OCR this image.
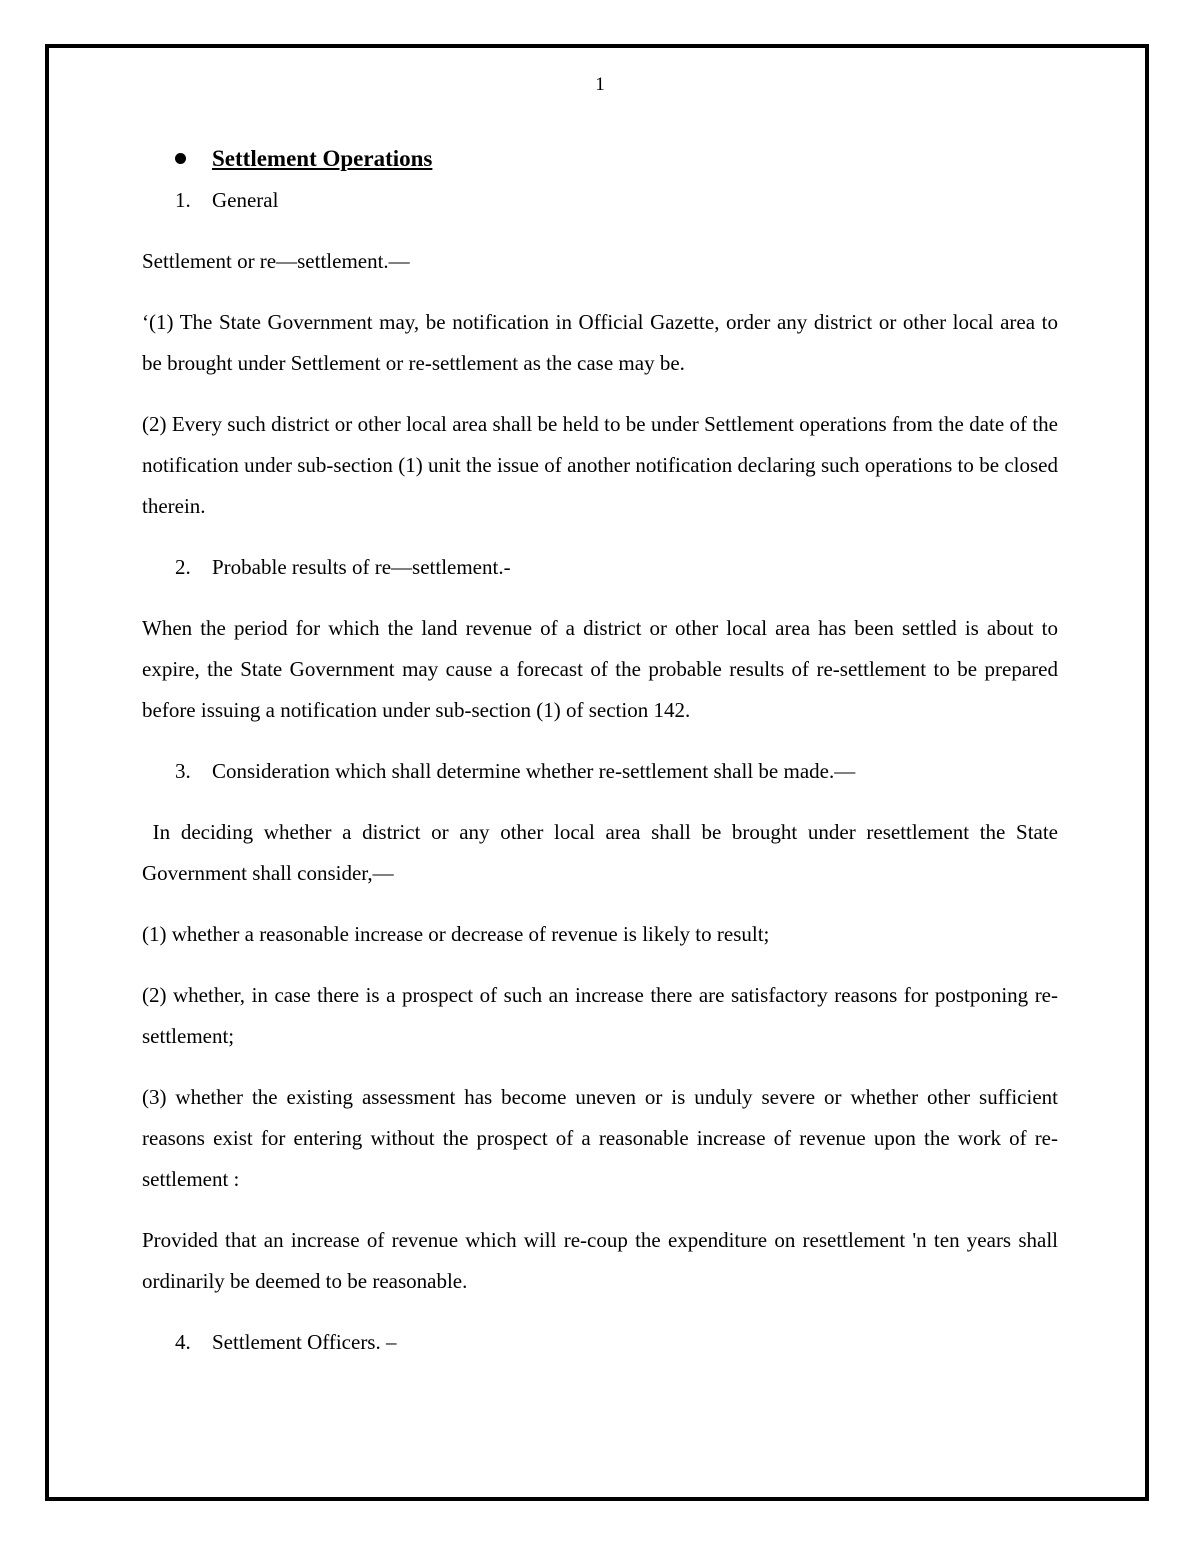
1
Settlement Operations
1. General

Settlement or re—settlement.—

‘(1) The State Government may, be notification in Official Gazette, order any district or other local area to be brought under Settlement or re-settlement as the case may be.

(2) Every such district or other local area shall be held to be under Settlement operations from the date of the notification under sub-section (1) unit the issue of another notification declaring such operations to be closed therein.

2. Probable results of re—settlement.-

When the period for which the land revenue of a district or other local area has been settled is about to expire, the State Government may cause a forecast of the probable results of re-settlement to be prepared before issuing a notification under sub-section (1) of section 142.

3. Consideration which shall determine whether re-settlement shall be made.—

In deciding whether a district or any other local area shall be brought under resettlement the State Government shall consider,—

(1) whether a reasonable increase or decrease of revenue is likely to result;

(2) whether, in case there is a prospect of such an increase there are satisfactory reasons for postponing re-settlement;

(3) whether the existing assessment has become uneven or is unduly severe or whether other sufficient reasons exist for entering without the prospect of a reasonable increase of revenue upon the work of re-settlement :

Provided that an increase of revenue which will re-coup the expenditure on resettlement 'n ten years shall ordinarily be deemed to be reasonable.

4. Settlement Officers. –
